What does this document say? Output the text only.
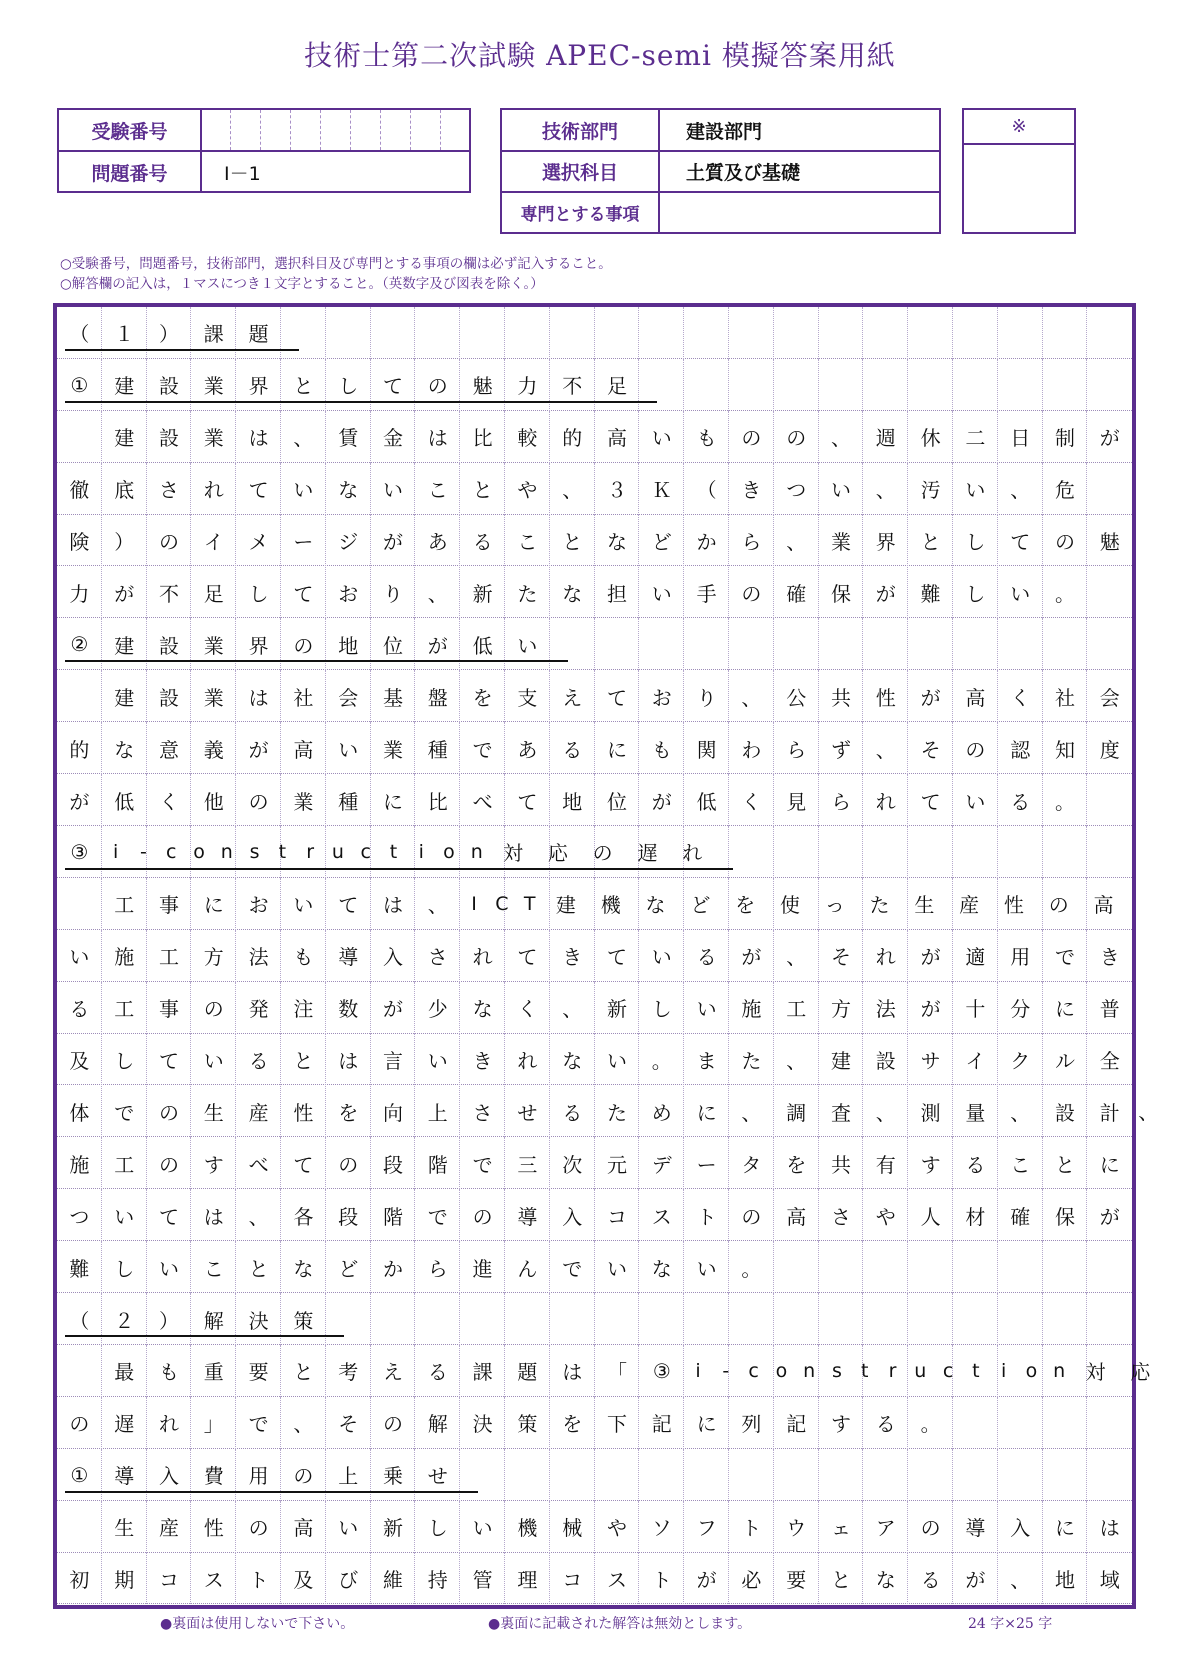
技術士第二次試験 APEC-semi 模擬答案用紙
受験番号
問題番号	Ⅰ－1
技術部門	建設部門
選択科目	土質及び基礎
専門とする事項
※
○受験番号，問題番号，技術部門，選択科目及び専門とする事項の欄は必ず記入すること。
○解答欄の記入は，１マスにつき１文字とすること。（英数字及び図表を除く。）
（	１	）	課	題
①	建	設	業	界	と	し	て	の	魅	力	不	足

建	設	業	は	、	賃	金	は	比	較	的	高	い	も	の	の	、	週	休	二	日	制	が
徹	底	さ	れ	て	い	な	い	こ	と	や	、	３	Ｋ	（	き	つ	い	、	汚	い	、	危
険	）	の	イ	メ	ー	ジ	が	あ	る	こ	と	な	ど	か	ら	、	業	界	と	し	て	の	魅
力	が	不	足	し	て	お	り	、	新	た	な	担	い	手	の	確	保	が	難	し	い	。
②	建	設	業	界	の	地	位	が	低	い

建	設	業	は	社	会	基	盤	を	支	え	て	お	り	、	公	共	性	が	高	く	社	会
的	な	意	義	が	高	い	業	種	で	あ	る	に	も	関	わ	ら	ず	、	そ	の	認	知	度
が	低	く	他	の	業	種	に	比	べ	て	地	位	が	低	く	見	ら	れ	て	い	る	。
③	i	-	c o n s	t	r u c t	i	o n	対	応	の	遅	れ

工	事	に	お	い	て	は	、	I C T	建	機	な	ど	を	使	っ	た	生	産	性	の	高
い	施	工	方	法	も	導	入	さ	れ	て	き	て	い	る	が	、	そ	れ	が	適	用	で	き
る	工	事	の	発	注	数	が	少	な	く	、	新	し	い	施	工	方	法	が	十	分	に	普
及	し	て	い	る	と	は	言	い	き	れ	な	い	。	ま	た	、	建	設	サ	イ	ク	ル	全
体	で	の	生	産	性	を	向	上	さ	せ	る	た	め	に	、	調	査	、	測	量	、	設	計 、
施	工	の	す	べ	て	の	段	階	で	三	次	元	デ	ー	タ	を	共	有	す	る	こ	と	に
つ	い	て	は	、	各	段	階	で	の	導	入	コ	ス	ト	の	高	さ	や	人	材	確	保	が
難	し	い	こ	と	な	ど	か	ら	進	ん	で	い	な	い	。
（	２	）	解	決	策

最	も	重	要	と	考	え	る	課	題	は	「	③	i	-	c o n s	t	r u c t	i	o n	対	応
の	遅	れ	」	で	、	そ	の	解	決	策	を	下	記	に	列	記	す	る	。
①	導	入	費	用	の	上	乗	せ

生	産	性	の	高	い	新	し	い	機	械	や	ソ	フ	ト	ウ	ェ	ア	の	導	入	に	は
初	期	コ	ス	ト	及	び	維	持	管	理	コ	ス	ト	が	必	要	と	な	る	が	、	地	域
●裏面は使用しないで下さい。	●裏面に記載された解答は無効とします。	24 字×25 字
